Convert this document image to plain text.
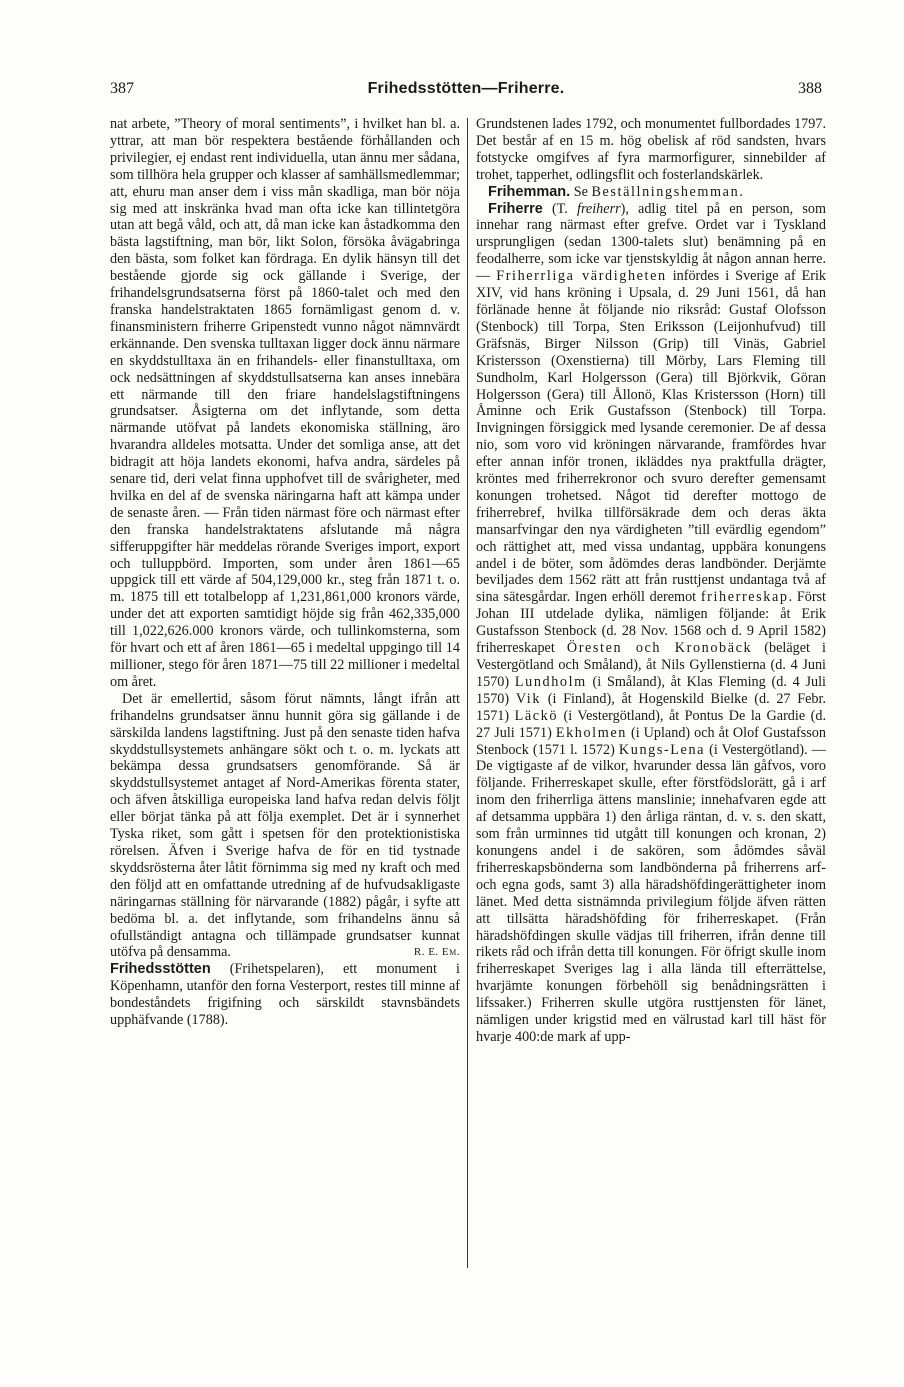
387	Frihedsstötten—Friherre.	388

nat arbete, ”Theory of moral sentiments”, i hvilket han bl. a. yttrar, att man bör respektera bestående förhållanden och privilegier, ej endast rent individuella, utan ännu mer sådana, som tillhöra hela grupper och klasser af samhällsmedlemmar; att, ehuru man anser dem i viss mån skadliga, man bör nöja sig med att inskränka hvad man ofta icke kan tillintetgöra utan att begå våld, och att, då man icke kan åstadkomma den bästa lagstiftning, man bör, likt Solon, försöka åvägabringa den bästa, som folket kan fördraga. En dylik hänsyn till det bestående gjorde sig ock gällande i Sverige, der frihandelsgrundsatserna först på 1860-talet och med den franska handelstraktaten 1865 fornämligast genom d. v. finansministern friherre Gripenstedt vunno något nämnvärdt erkännande. Den svenska tulltaxan ligger dock ännu närmare en skyddstulltaxa än en frihandels- eller finanstulltaxa, om ock nedsättningen af skyddstullsatserna kan anses innebära ett närmande till den friare handelslagstiftningens grundsatser. Åsigterna om det inflytande, som detta närmande utöfvat på landets ekonomiska ställning, äro hvarandra alldeles motsatta. Under det somliga anse, att det bidragit att höja landets ekonomi, hafva andra, särdeles på senare tid, deri velat finna upphofvet till de svårigheter, med hvilka en del af de svenska näringarna haft att kämpa under de senaste åren. — Från tiden närmast före och närmast efter den franska handelstraktatens afslutande må några sifferuppgifter här meddelas rörande Sveriges import, export och tulluppbörd. Importen, som under åren 1861—65 uppgick till ett värde af 504,129,000 kr., steg från 1871 t. o. m. 1875 till ett totalbelopp af 1,231,861,000 kronors värde, under det att exporten samtidigt höjde sig från 462,335,000 till 1,022,626.000 kronors värde, och tullinkomsterna, som för hvart och ett af åren 1861—65 i medeltal uppgingo till 14 millioner, stego för åren 1871—75 till 22 millioner i medeltal om året.

Det är emellertid, såsom förut nämnts, långt ifrån att frihandelns grundsatser ännu hunnit göra sig gällande i de särskilda landens lagstiftning. Just på den senaste tiden hafva skyddstullsystemets anhängare sökt och t. o. m. lyckats att bekämpa dessa grundsatsers genomförande. Så är skyddstullsystemet antaget af Nord-Amerikas förenta stater, och äfven åtskilliga europeiska land hafva redan delvis följt eller börjat tänka på att följa exemplet. Det är i synnerhet Tyska riket, som gått i spetsen för den protektionistiska rörelsen. Äfven i Sverige hafva de för en tid tystnade skyddsrösterna åter låtit förnimma sig med ny kraft och med den följd att en omfattande utredning af de hufvudsakligaste näringarnas ställning för närvarande (1882) pågår, i syfte att bedöma bl. a. det inflytande, som frihandelns ännu så ofullständigt antagna och tillämpade grundsatser kunnat utöfva på densamma.	R. E. Em.

Frihedsstötten (Frihetspelaren), ett monument i Köpenhamn, utanför den forna Vesterport, restes till minne af bondeståndets frigifning och särskildt stavnsbändets upphäfvande (1788).

Grundstenen lades 1792, och monumentet fullbordades 1797. Det består af en 15 m. hög obelisk af röd sandsten, hvars fotstycke omgifves af fyra marmorfigurer, sinnebilder af trohet, tapperhet, odlingsflit och fosterlandskärlek.

Frihemman. Se Beställningshemman.

Friherre (T. freiherr), adlig titel på en person, som innehar rang närmast efter grefve. Ordet var i Tyskland ursprungligen (sedan 1300-talets slut) benämning på en feodalherre, som icke var tjenstskyldig åt någon annan herre. — Friherrliga värdigheten infördes i Sverige af Erik XIV, vid hans kröning i Upsala, d. 29 Juni 1561, då han förlänade henne åt följande nio riksråd: Gustaf Olofsson (Stenbock) till Torpa, Sten Eriksson (Leijonhufvud) till Gräfsnäs, Birger Nilsson (Grip) till Vinäs, Gabriel Kristersson (Oxenstierna) till Mörby, Lars Fleming till Sundholm, Karl Holgersson (Gera) till Björkvik, Göran Holgersson (Gera) till Ållonö, Klas Kristersson (Horn) till Åminne och Erik Gustafsson (Stenbock) till Torpa. Invigningen försiggick med lysande ceremonier. De af dessa nio, som voro vid kröningen närvarande, framfördes hvar efter annan inför tronen, ikläddes nya praktfulla drägter, kröntes med friherrekronor och svuro derefter gemensamt konungen trohetsed. Något tid derefter mottogo de friherrebref, hvilka tillförsäkrade dem och deras äkta mansarfvingar den nya värdigheten ”till evärdlig egendom” och rättighet att, med vissa undantag, uppbära konungens andel i de böter, som ådömdes deras landbönder. Derjämte beviljades dem 1562 rätt att från rusttjenst undantaga två af sina sätesgårdar. Ingen erhöll deremot friherreskap. Först Johan III utdelade dylika, nämligen följande: åt Erik Gustafsson Stenbock (d. 28 Nov. 1568 och d. 9 April 1582) friherreskapet Öresten och Kronobäck (beläget i Vestergötland och Småland), åt Nils Gyllenstierna (d. 4 Juni 1570) Lundholm (i Småland), åt Klas Fleming (d. 4 Juli 1570) Vik (i Finland), åt Hogenskild Bielke (d. 27 Febr. 1571) Läckö (i Vestergötland), åt Pontus De la Gardie (d. 27 Juli 1571) Ekholmen (i Upland) och åt Olof Gustafsson Stenbock (1571 l. 1572) Kungs-Lena (i Vestergötland). — De vigtigaste af de vilkor, hvarunder dessa län gåfvos, voro följande. Friherreskapet skulle, efter förstfödslorätt, gå i arf inom den friherrliga ättens manslinie; innehafvaren egde att af detsamma uppbära 1) den årliga räntan, d. v. s. den skatt, som från urminnes tid utgått till konungen och kronan, 2) konungens andel i de sakören, som ådömdes såväl friherreskapsbönderna som landbönderna på friherrens arf- och egna gods, samt 3) alla häradshöfdingerättigheter inom länet. Med detta sistnämnda privilegium följde äfven rätten att tillsätta häradshöfding för friherreskapet. (Från häradshöfdingen skulle vädjas till friherren, ifrån denne till rikets råd och ifrån detta till konungen. För öfrigt skulle inom friherreskapet Sveriges lag i alla lända till efterrättelse, hvarjämte konungen förbehöll sig benådningsrätten i lifssaker.) Friherren skulle utgöra rusttjensten för länet, nämligen under krigstid med en välrustad karl till häst för hvarje 400:de mark af upp-
